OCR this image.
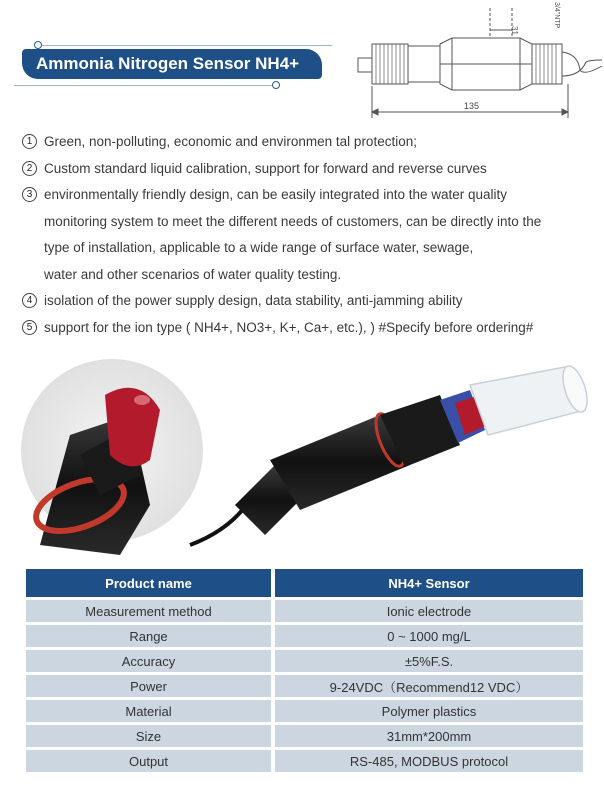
Ammonia Nitrogen Sensor NH4+
31
3/4"NTP
135
1 Green, non-polluting, economic and environmen tal protection;
2 Custom standard liquid calibration, support for forward and reverse curves
3 environmentally friendly design, can be easily integrated into the water quality
monitoring system to meet the different needs of customers, can be directly into the
type of installation, applicable to a wide range of surface water, sewage,
water and other scenarios of water quality testing.
4 isolation of the power supply design, data stability, anti-jamming ability
5 support for the ion type ( NH4+, NO3+, K+, Ca+, etc.), ) #Specify before ordering#
Product name	NH4+ Sensor
Measurement method	Ionic electrode
Range	0 ~ 1000 mg/L
Accuracy	±5%F.S.
Power	9-24VDC（Recommend12 VDC）
Material	Polymer plastics
Size	31mm*200mm
Output	RS-485, MODBUS protocol
